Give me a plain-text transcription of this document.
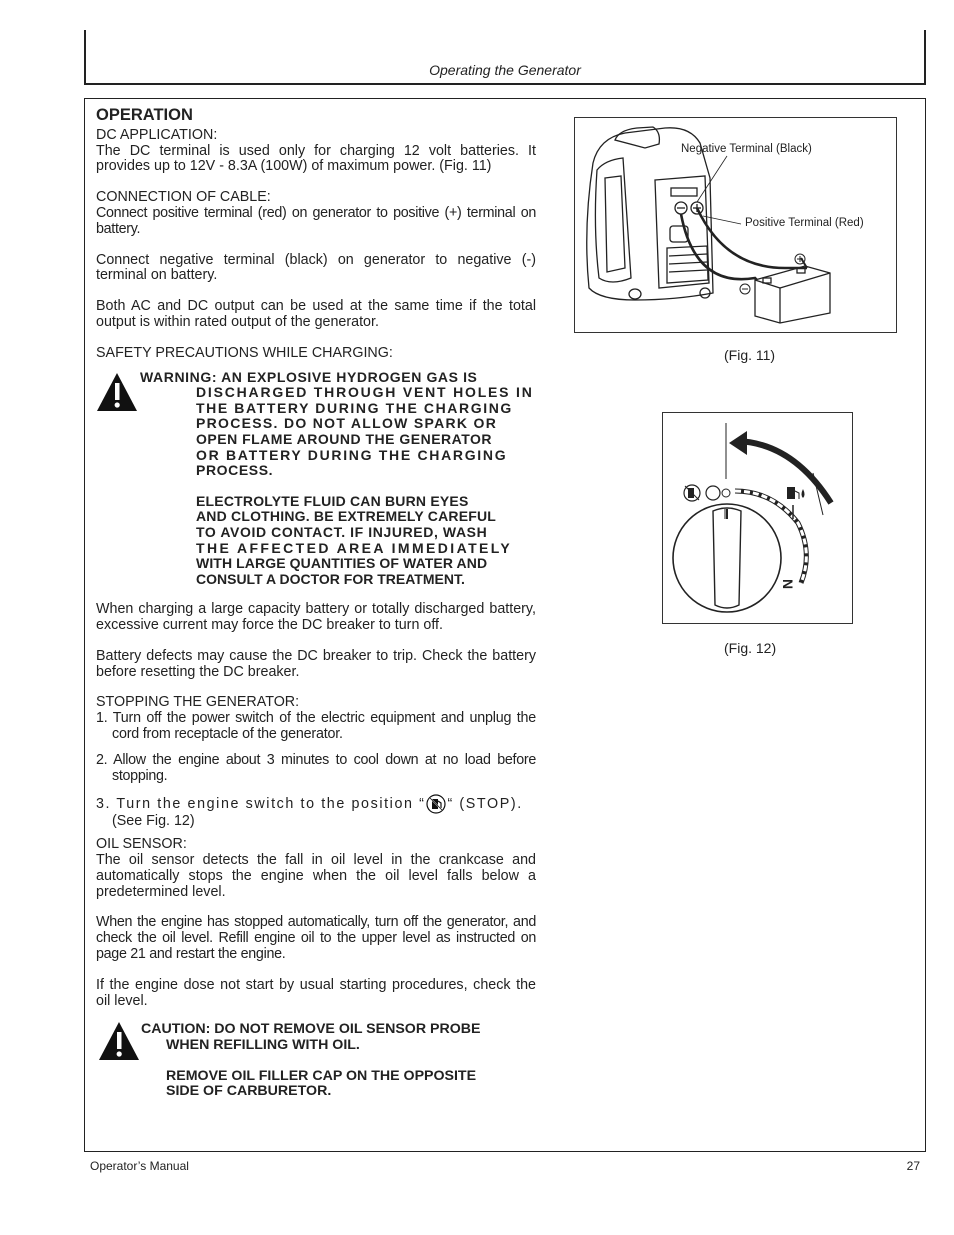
Operating the Generator
OPERATION

DC APPLICATION:

The DC terminal is used only for charging 12 volt batteries. It provides up to 12V - 8.3A (100W) of maximum power. (Fig. 11)

CONNECTION OF CABLE:

Connect positive terminal (red) on generator to positive (+) terminal on battery.

Connect negative terminal (black) on generator to negative (-) terminal on battery.

Both AC and DC output can be used at the same time if the total output is within rated output of the generator.

SAFETY PRECAUTIONS WHILE CHARGING:

WARNING: AN EXPLOSIVE HYDROGEN GAS IS
DISCHARGED THROUGH VENT HOLES IN
THE BATTERY DURING THE CHARGING
PROCESS. DO NOT ALLOW SPARK OR
OPEN FLAME AROUND THE GENERATOR
OR BATTERY DURING THE CHARGING
PROCESS.
ELECTROLYTE FLUID CAN BURN EYES
AND CLOTHING. BE EXTREMELY CAREFUL
TO AVOID CONTACT. IF INJURED, WASH
THE AFFECTED AREA IMMEDIATELY
WITH LARGE QUANTITIES OF WATER AND
CONSULT A DOCTOR FOR TREATMENT.

When charging a large capacity battery or totally discharged battery, excessive current may force the DC breaker to turn off.

Battery defects may cause the DC breaker to trip. Check the battery before resetting the DC breaker.

STOPPING THE GENERATOR:

1. Turn off the power switch of the electric equipment and unplug the cord from receptacle of the generator.
2. Allow the engine about 3 minutes to cool down at no load before stopping.
3. Turn the engine switch to the position “ “ (STOP).
(See Fig. 12)

OIL SENSOR:

The oil sensor detects the fall in oil level in the crankcase and automatically stops the engine when the oil level falls below a predetermined level.

When the engine has stopped automatically, turn off the generator, and check the oil level. Refill engine oil to the upper level as instructed on page 21 and restart the engine.

If the engine dose not start by usual starting procedures, check the oil level.

CAUTION: DO NOT REMOVE OIL SENSOR PROBE
WHEN REFILLING WITH OIL.
REMOVE OIL FILLER CAP ON THE OPPOSITE
SIDE OF CARBURETOR.
Negative Terminal (Black)
Positive Terminal (Red)
(Fig. 11)
N
(Fig. 12)
Operator’s Manual	27
